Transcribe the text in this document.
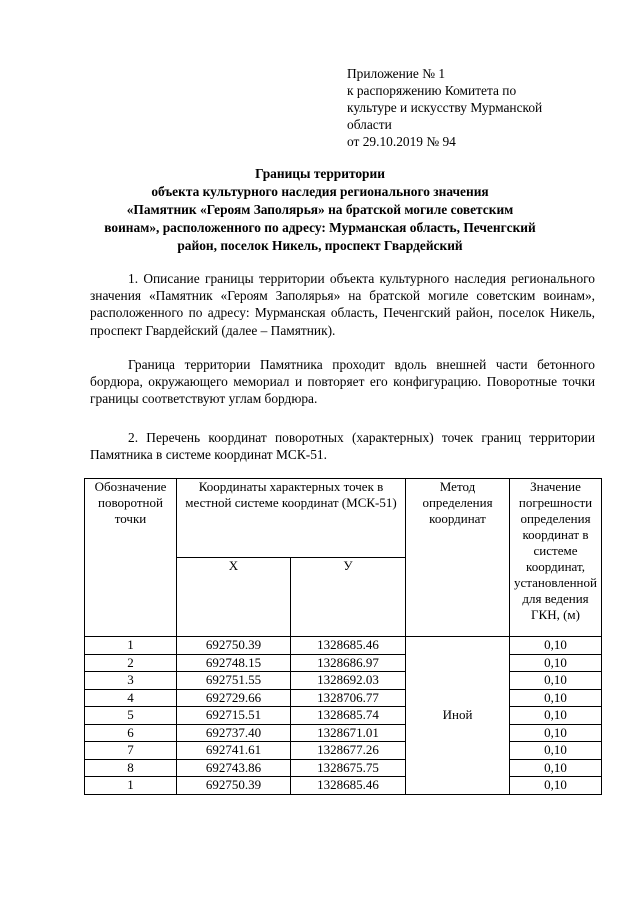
Приложение № 1
к распоряжению Комитета по
культуре и искусству Мурманской
области
от 29.10.2019 № 94
Границы территории
объекта культурного наследия регионального значения
«Памятник «Героям Заполярья» на братской могиле советским
воинам», расположенного по адресу: Мурманская область, Печенгский
район, поселок Никель, проспект Гвардейский
1. Описание границы территории объекта культурного наследия регионального значения «Памятник «Героям Заполярья» на братской могиле советским воинам», расположенного по адресу: Мурманская область, Печенгский район, поселок Никель, проспект Гвардейский (далее – Памятник).
Граница территории Памятника проходит вдоль внешней части бетонного бордюра, окружающего мемориал и повторяет его конфигурацию. Поворотные точки границы соответствуют углам бордюра.
2. Перечень координат поворотных (характерных) точек границ территории Памятника в системе координат МСК-51.
Обозначение поворотной точки	Координаты характерных точек в местной системе координат (МСК-51)		Метод определения координат	Значение погрешности определения координат в системе координат, установленной для ведения ГКН, (м)
	Х	У		
1	692750.39	1328685.46	Иной	0,10
2	692748.15	1328686.97		0,10
3	692751.55	1328692.03		0,10
4	692729.66	1328706.77		0,10
5	692715.51	1328685.74		0,10
6	692737.40	1328671.01		0,10
7	692741.61	1328677.26		0,10
8	692743.86	1328675.75		0,10
1	692750.39	1328685.46		0,10
